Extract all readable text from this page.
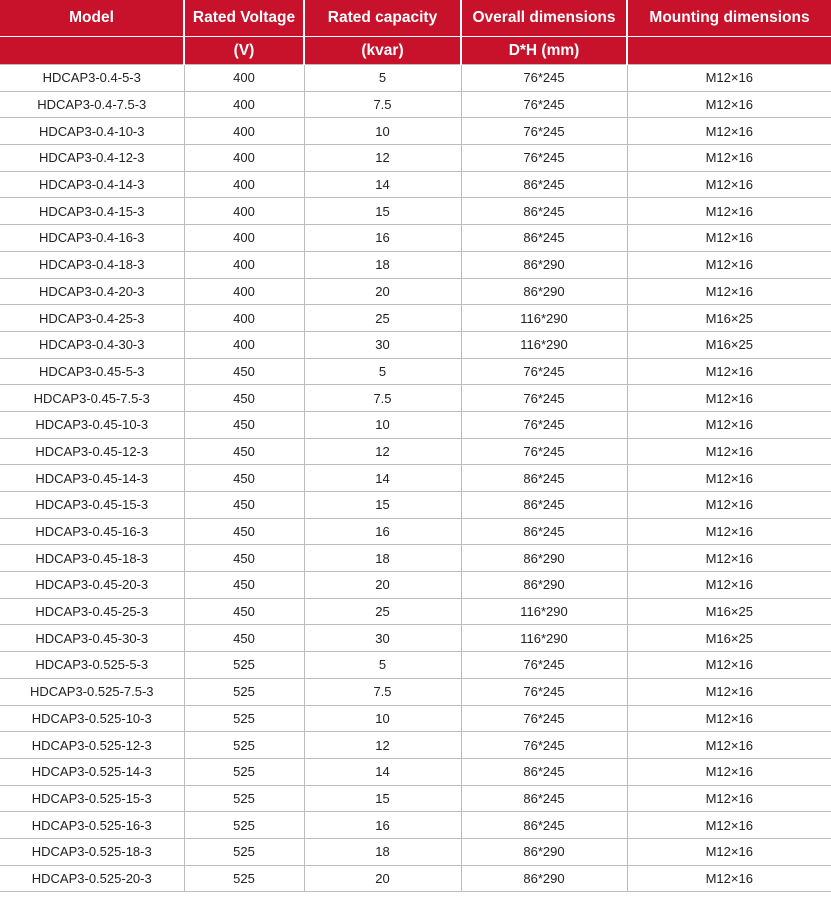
Model	Rated Voltage	Rated capacity	Overall dimensions	Mounting dimensions
	(V)	(kvar)	D*H (mm)	
HDCAP3-0.4-5-3	400	5	76*245	M12×16
HDCAP3-0.4-7.5-3	400	7.5	76*245	M12×16
HDCAP3-0.4-10-3	400	10	76*245	M12×16
HDCAP3-0.4-12-3	400	12	76*245	M12×16
HDCAP3-0.4-14-3	400	14	86*245	M12×16
HDCAP3-0.4-15-3	400	15	86*245	M12×16
HDCAP3-0.4-16-3	400	16	86*245	M12×16
HDCAP3-0.4-18-3	400	18	86*290	M12×16
HDCAP3-0.4-20-3	400	20	86*290	M12×16
HDCAP3-0.4-25-3	400	25	116*290	M16×25
HDCAP3-0.4-30-3	400	30	116*290	M16×25
HDCAP3-0.45-5-3	450	5	76*245	M12×16
HDCAP3-0.45-7.5-3	450	7.5	76*245	M12×16
HDCAP3-0.45-10-3	450	10	76*245	M12×16
HDCAP3-0.45-12-3	450	12	76*245	M12×16
HDCAP3-0.45-14-3	450	14	86*245	M12×16
HDCAP3-0.45-15-3	450	15	86*245	M12×16
HDCAP3-0.45-16-3	450	16	86*245	M12×16
HDCAP3-0.45-18-3	450	18	86*290	M12×16
HDCAP3-0.45-20-3	450	20	86*290	M12×16
HDCAP3-0.45-25-3	450	25	116*290	M16×25
HDCAP3-0.45-30-3	450	30	116*290	M16×25
HDCAP3-0.525-5-3	525	5	76*245	M12×16
HDCAP3-0.525-7.5-3	525	7.5	76*245	M12×16
HDCAP3-0.525-10-3	525	10	76*245	M12×16
HDCAP3-0.525-12-3	525	12	76*245	M12×16
HDCAP3-0.525-14-3	525	14	86*245	M12×16
HDCAP3-0.525-15-3	525	15	86*245	M12×16
HDCAP3-0.525-16-3	525	16	86*245	M12×16
HDCAP3-0.525-18-3	525	18	86*290	M12×16
HDCAP3-0.525-20-3	525	20	86*290	M12×16
